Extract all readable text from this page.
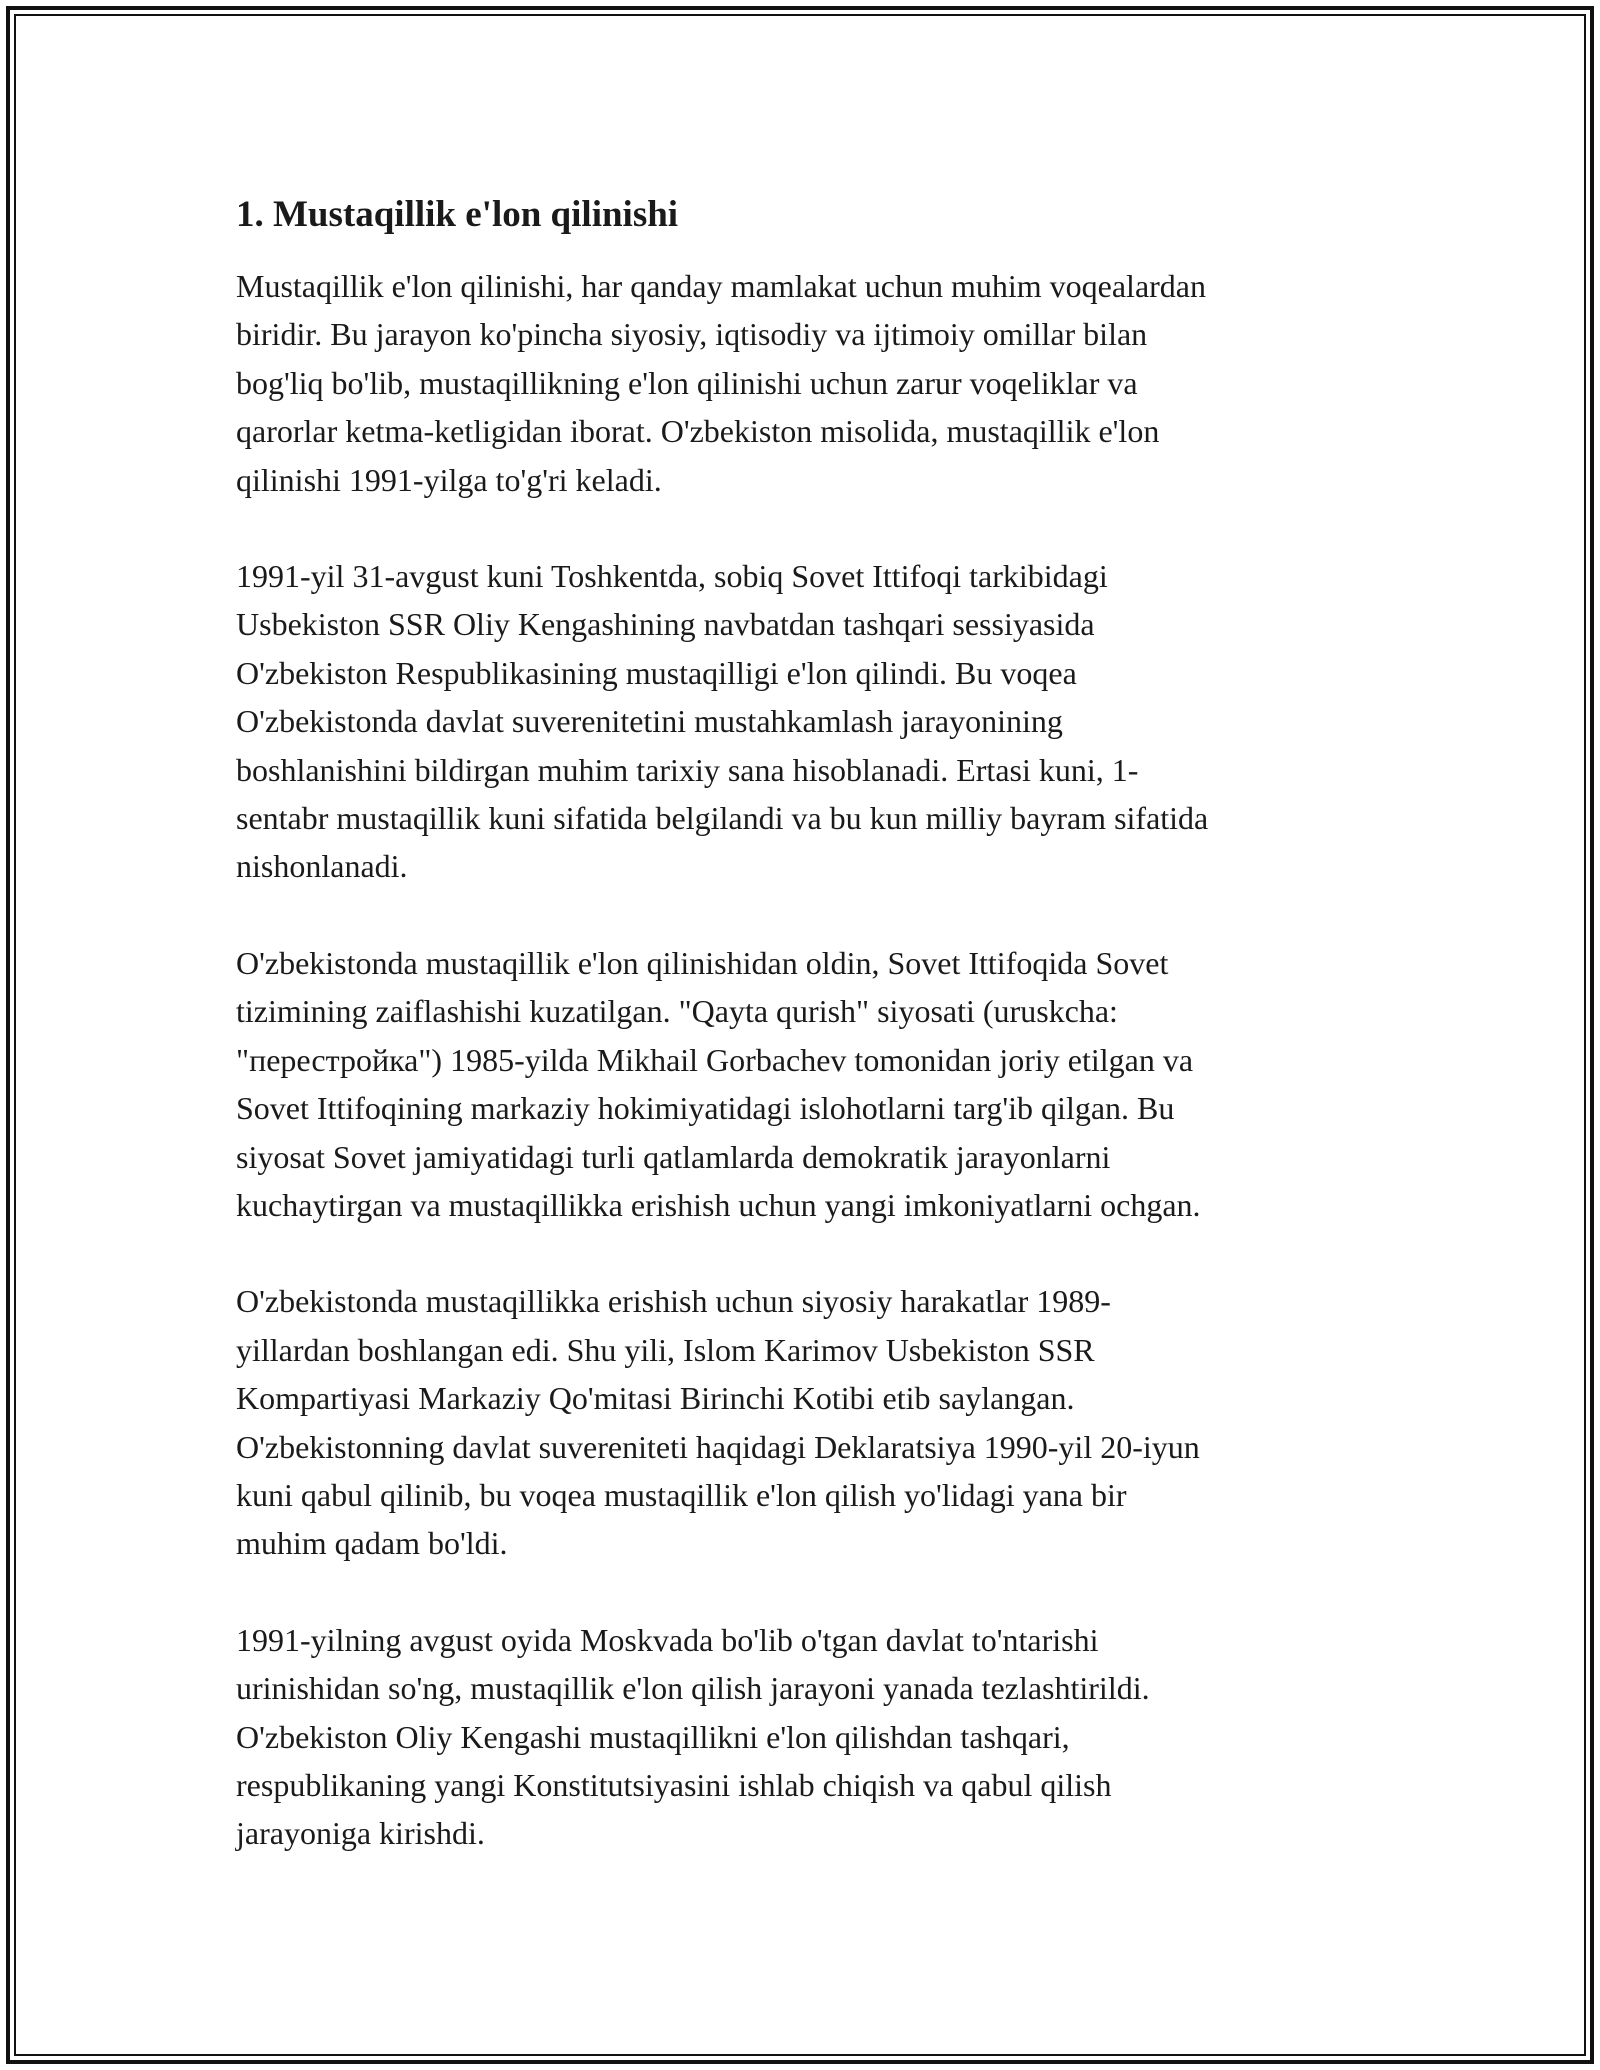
1. Mustaqillik e'lon qilinishi

Mustaqillik e'lon qilinishi, har qanday mamlakat uchun muhim voqealardan
biridir. Bu jarayon ko'pincha siyosiy, iqtisodiy va ijtimoiy omillar bilan
bog'liq bo'lib, mustaqillikning e'lon qilinishi uchun zarur voqeliklar va
qarorlar ketma-ketligidan iborat. O'zbekiston misolida, mustaqillik e'lon
qilinishi 1991-yilga to'g'ri keladi.

1991-yil 31-avgust kuni Toshkentda, sobiq Sovet Ittifoqi tarkibidagi
Usbekiston SSR Oliy Kengashining navbatdan tashqari sessiyasida
O'zbekiston Respublikasining mustaqilligi e'lon qilindi. Bu voqea
O'zbekistonda davlat suverenitetini mustahkamlash jarayonining
boshlanishini bildirgan muhim tarixiy sana hisoblanadi. Ertasi kuni, 1-
sentabr mustaqillik kuni sifatida belgilandi va bu kun milliy bayram sifatida
nishonlanadi.

O'zbekistonda mustaqillik e'lon qilinishidan oldin, Sovet Ittifoqida Sovet
tizimining zaiflashishi kuzatilgan. "Qayta qurish" siyosati (uruskcha:
"перестройка") 1985-yilda Mikhail Gorbachev tomonidan joriy etilgan va
Sovet Ittifoqining markaziy hokimiyatidagi islohotlarni targ'ib qilgan. Bu
siyosat Sovet jamiyatidagi turli qatlamlarda demokratik jarayonlarni
kuchaytirgan va mustaqillikka erishish uchun yangi imkoniyatlarni ochgan.

O'zbekistonda mustaqillikka erishish uchun siyosiy harakatlar 1989-
yillardan boshlangan edi. Shu yili, Islom Karimov Usbekiston SSR
Kompartiyasi Markaziy Qo'mitasi Birinchi Kotibi etib saylangan.
O'zbekistonning davlat suvereniteti haqidagi Deklaratsiya 1990-yil 20-iyun
kuni qabul qilinib, bu voqea mustaqillik e'lon qilish yo'lidagi yana bir
muhim qadam bo'ldi.

1991-yilning avgust oyida Moskvada bo'lib o'tgan davlat to'ntarishi
urinishidan so'ng, mustaqillik e'lon qilish jarayoni yanada tezlashtirildi.
O'zbekiston Oliy Kengashi mustaqillikni e'lon qilishdan tashqari,
respublikaning yangi Konstitutsiyasini ishlab chiqish va qabul qilish
jarayoniga kirishdi.
